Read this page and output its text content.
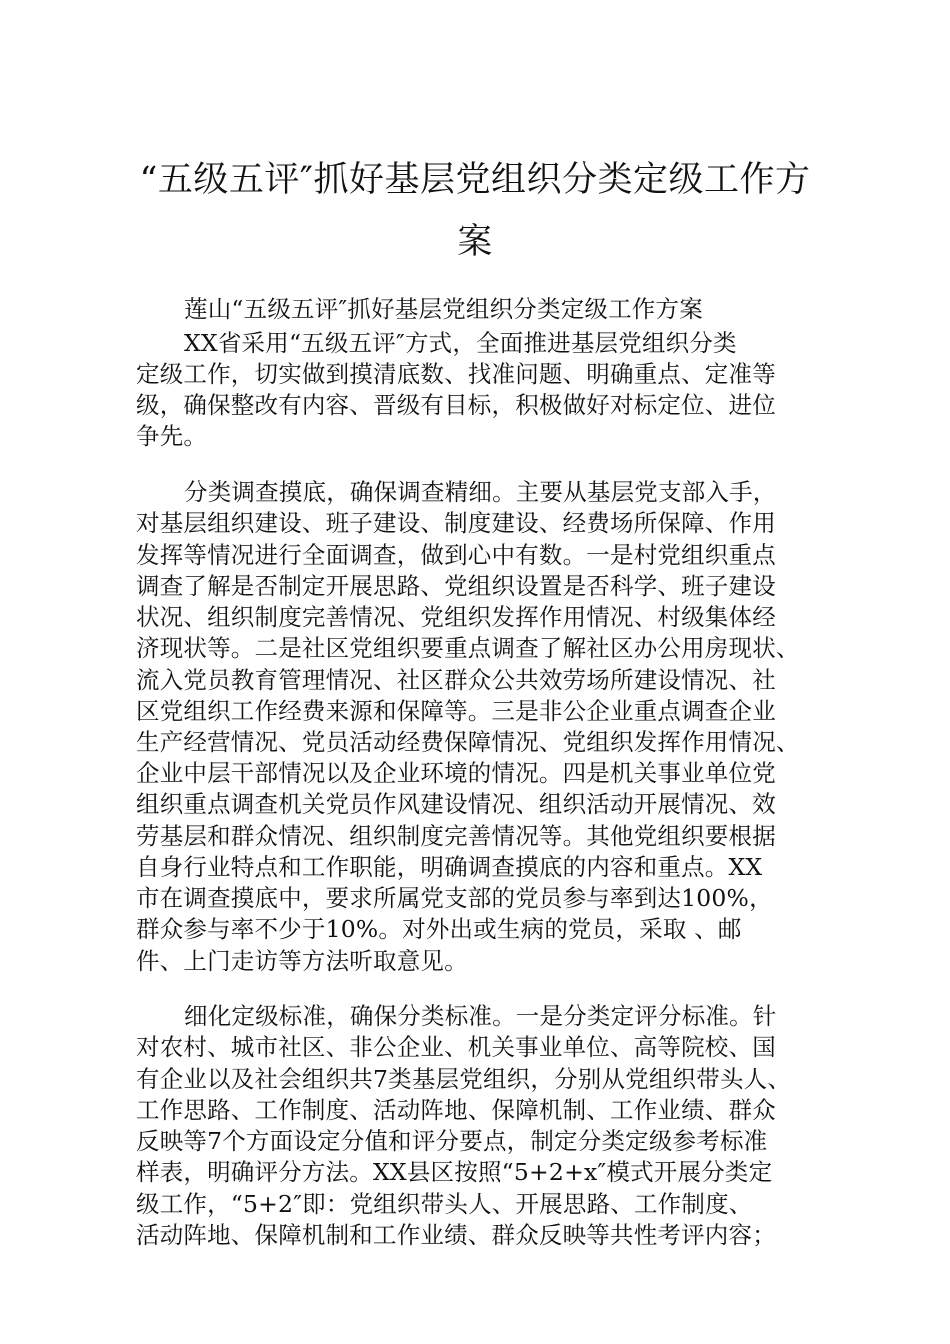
“五级五评″抓好基层党组织分类定级工作方
案
莲山“五级五评″抓好基层党组织分类定级工作方案
XX省采用“五级五评″方式，全面推进基层党组织分类
定级工作，切实做到摸清底数、找准问题、明确重点、定准等
级，确保整改有内容、晋级有目标，积极做好对标定位、进位
争先。
分类调查摸底，确保调查精细。主要从基层党支部入手，
对基层组织建设、班子建设、制度建设、经费场所保障、作用
发挥等情况进行全面调查，做到心中有数。一是村党组织重点
调查了解是否制定开展思路、党组织设置是否科学、班子建设
状况、组织制度完善情况、党组织发挥作用情况、村级集体经
济现状等。二是社区党组织要重点调查了解社区办公用房现状、
流入党员教育管理情况、社区群众公共效劳场所建设情况、社
区党组织工作经费来源和保障等。三是非公企业重点调查企业
生产经营情况、党员活动经费保障情况、党组织发挥作用情况、
企业中层干部情况以及企业环境的情况。四是机关事业单位党
组织重点调查机关党员作风建设情况、组织活动开展情况、效
劳基层和群众情况、组织制度完善情况等。其他党组织要根据
自身行业特点和工作职能，明确调查摸底的内容和重点。XX
市在调查摸底中，要求所属党支部的党员参与率到达100%，
群众参与率不少于10%。对外出或生病的党员，采取 、邮
件、上门走访等方法听取意见。
细化定级标准，确保分类标准。一是分类定评分标准。针
对农村、城市社区、非公企业、机关事业单位、高等院校、国
有企业以及社会组织共7类基层党组织，分别从党组织带头人、
工作思路、工作制度、活动阵地、保障机制、工作业绩、群众
反映等7个方面设定分值和评分要点，制定分类定级参考标准
样表，明确评分方法。XX县区按照“5+2+x″模式开展分类定
级工作，“5+2″即：党组织带头人、开展思路、工作制度、
活动阵地、保障机制和工作业绩、群众反映等共性考评内容；
